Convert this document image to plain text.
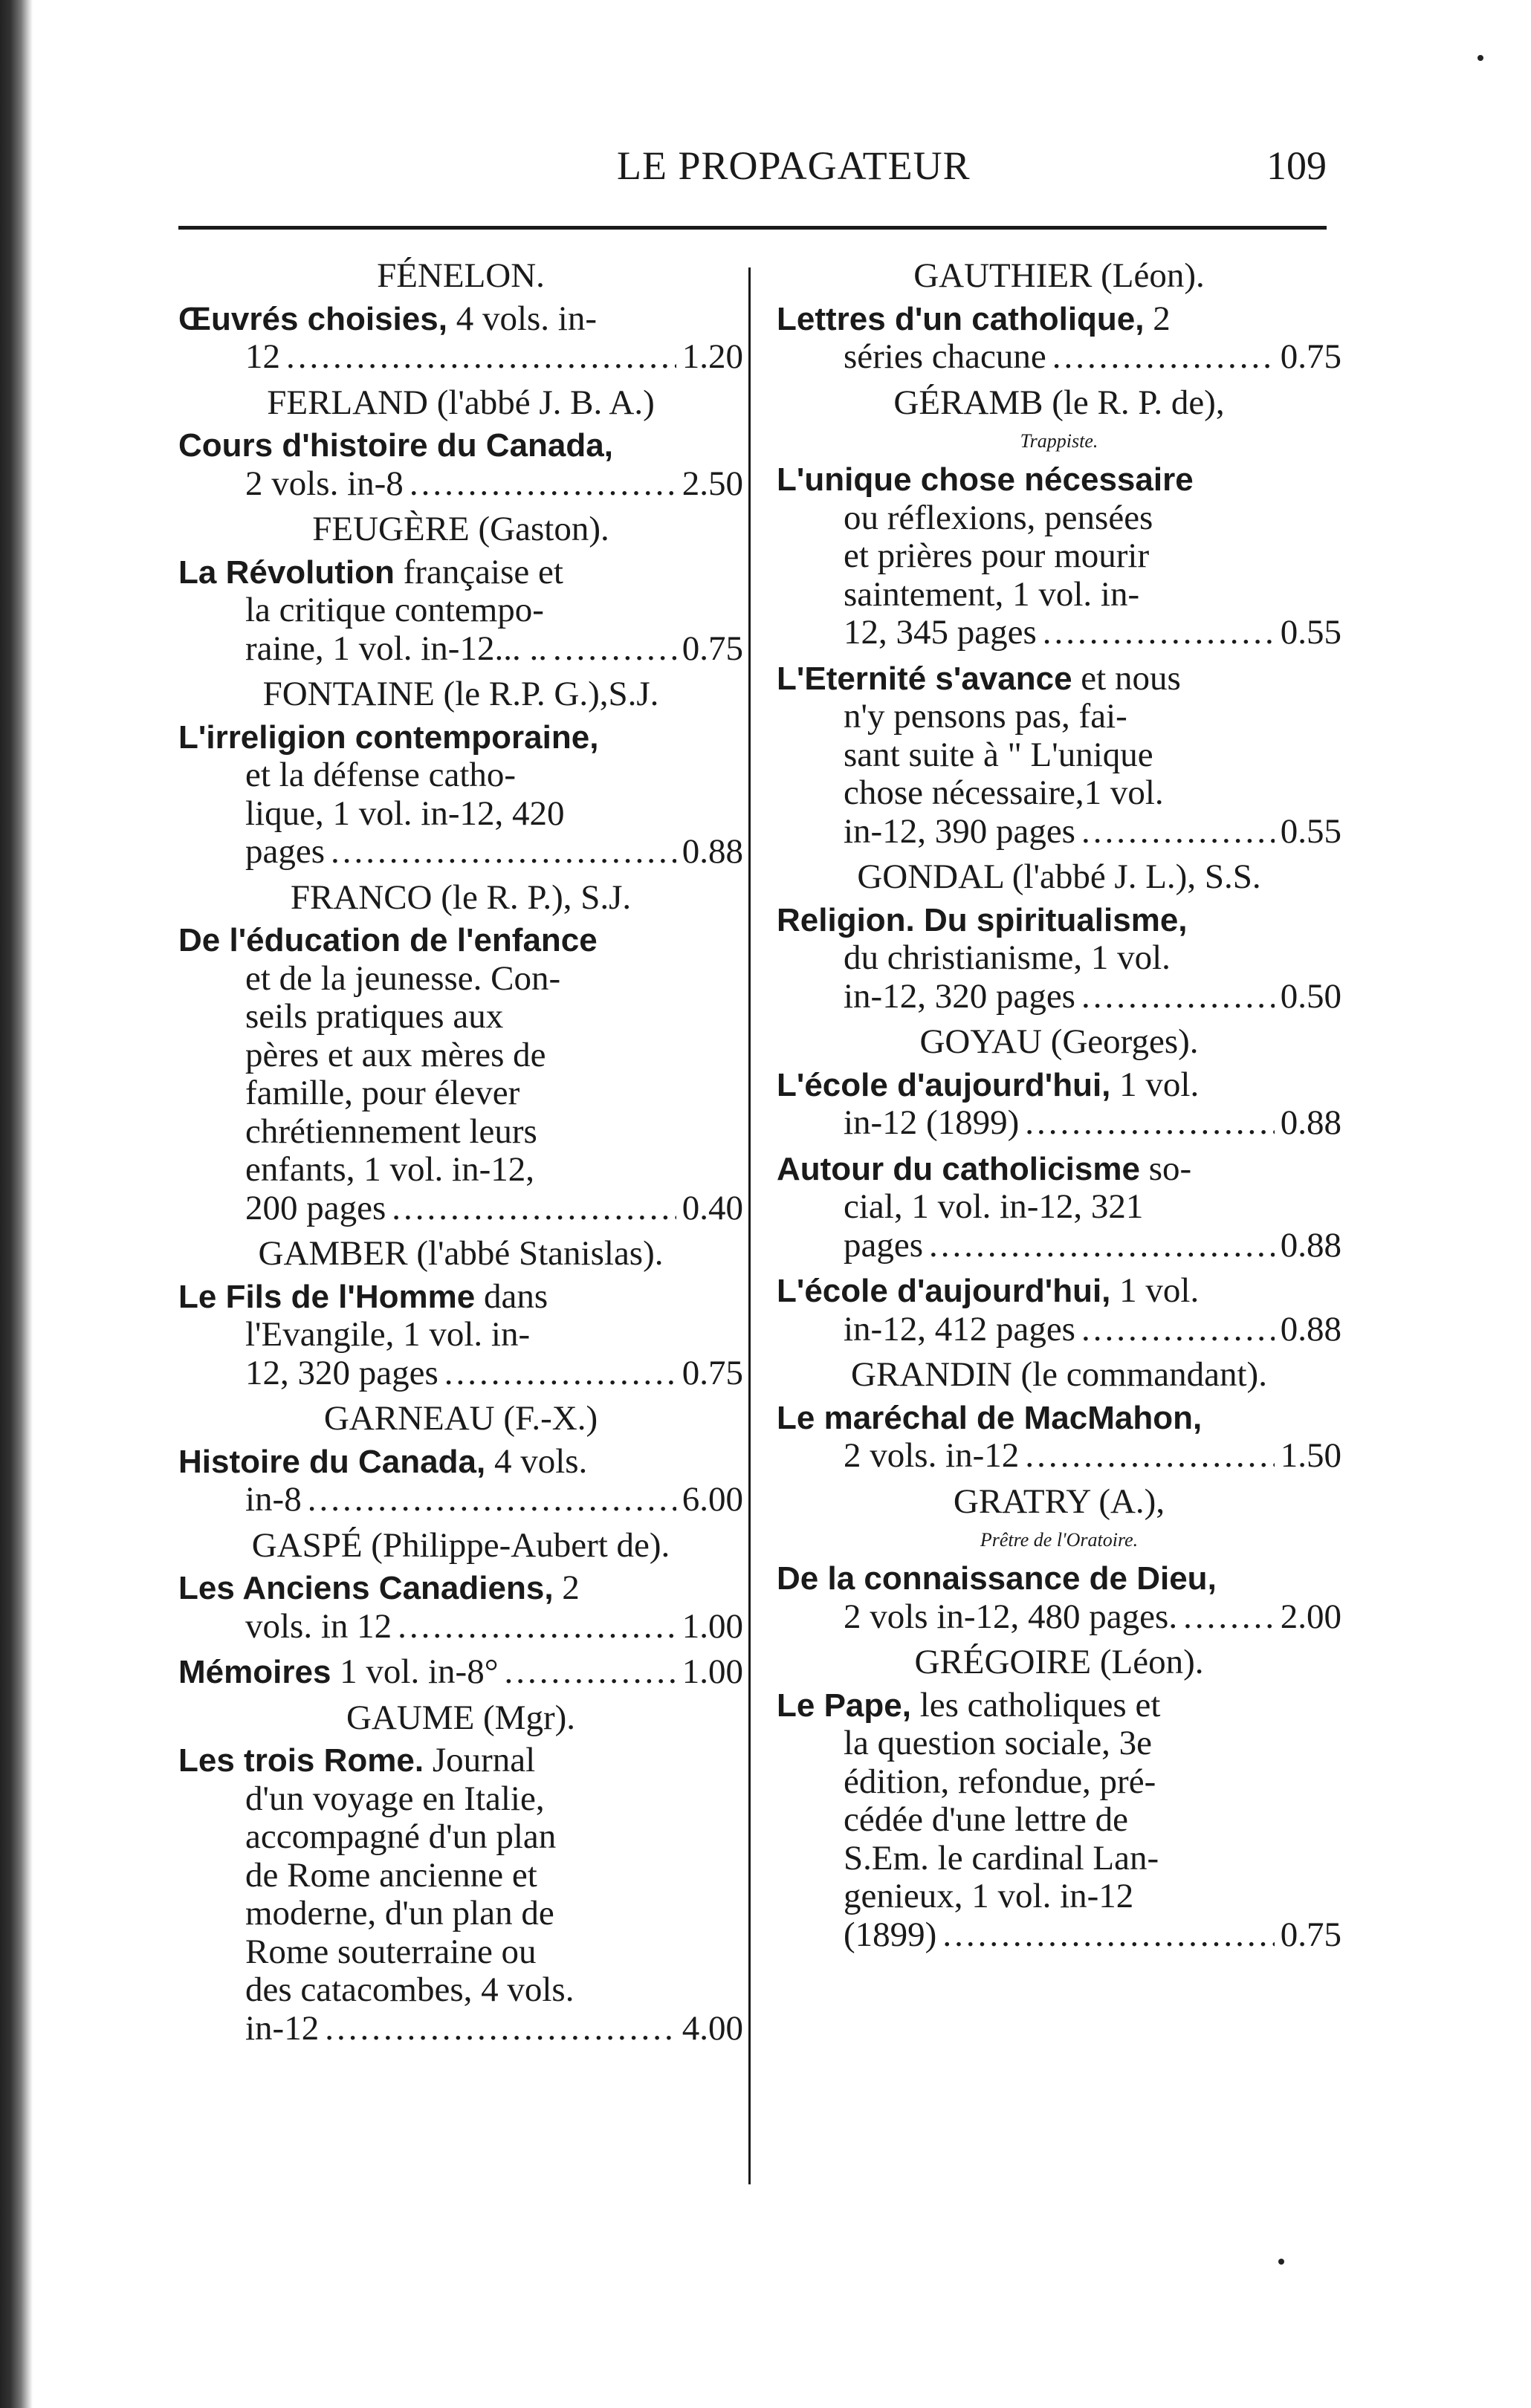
LE PROPAGATEUR	109
FÉNELON.
Œuvrés choisies, 4 vols. in-
12 .....	1.20
FERLAND (l'abbé J. B. A.)
Cours d'histoire du Canada,
2 vols. in-8 .....	2.50
FEUGÈRE (Gaston).
La Révolution française et
la critique contempo-
raine, 1 vol. in-12... .. .....	0.75
FONTAINE (le R.P. G.),S.J.
L'irreligion contemporaine,
et la défense catho-
lique, 1 vol. in-12, 420
pages .....	0.88
FRANCO (le R. P.), S.J.
De l'éducation de l'enfance
et de la jeunesse. Con-
seils pratiques aux
pères et aux mères de
famille, pour élever
chrétiennement leurs
enfants, 1 vol. in-12,
200 pages .....	0.40
GAMBER (l'abbé Stanislas).
Le Fils de l'Homme dans
l'Evangile, 1 vol. in-
12, 320 pages .....	0.75
GARNEAU (F.-X.)
Histoire du Canada, 4 vols.
in-8 .....	6.00
GASPÉ (Philippe-Aubert de).
Les Anciens Canadiens, 2
vols. in 12 .....	1.00
Mémoires 1 vol. in-8° .....	1.00
GAUME (Mgr).
Les trois Rome. Journal
d'un voyage en Italie,
accompagné d'un plan
de Rome ancienne et
moderne, d'un plan de
Rome souterraine ou
des catacombes, 4 vols.
in-12 .....	4.00
GAUTHIER (Léon).
Lettres d'un catholique, 2
séries chacune .....	0.75
GÉRAMB (le R. P. de),
Trappiste.
L'unique chose nécessaire
ou réflexions, pensées
et prières pour mourir
saintement, 1 vol. in-
12, 345 pages .....	0.55
L'Eternité s'avance et nous
n'y pensons pas, fai-
sant suite à " L'unique
chose nécessaire,1 vol.
in-12, 390 pages .....	0.55
GONDAL (l'abbé J. L.), S.S.
Religion. Du spiritualisme,
du christianisme, 1 vol.
in-12, 320 pages .....	0.50
GOYAU (Georges).
L'école d'aujourd'hui, 1 vol.
in-12 (1899) .....	0.88
Autour du catholicisme so-
cial, 1 vol. in-12, 321
pages .....	0.88
L'école d'aujourd'hui, 1 vol.
in-12, 412 pages .....	0.88
GRANDIN (le commandant).
Le maréchal de MacMahon,
2 vols. in-12 .....	1.50
GRATRY (A.),
Prêtre de l'Oratoire.
De la connaissance de Dieu,
2 vols in-12, 480 pages. .....	2.00
GRÉGOIRE (Léon).
Le Pape, les catholiques et
la question sociale, 3e
édition, refondue, pré-
cédée d'une lettre de
S.Em. le cardinal Lan-
genieux, 1 vol. in-12
(1899) .....	0.75
